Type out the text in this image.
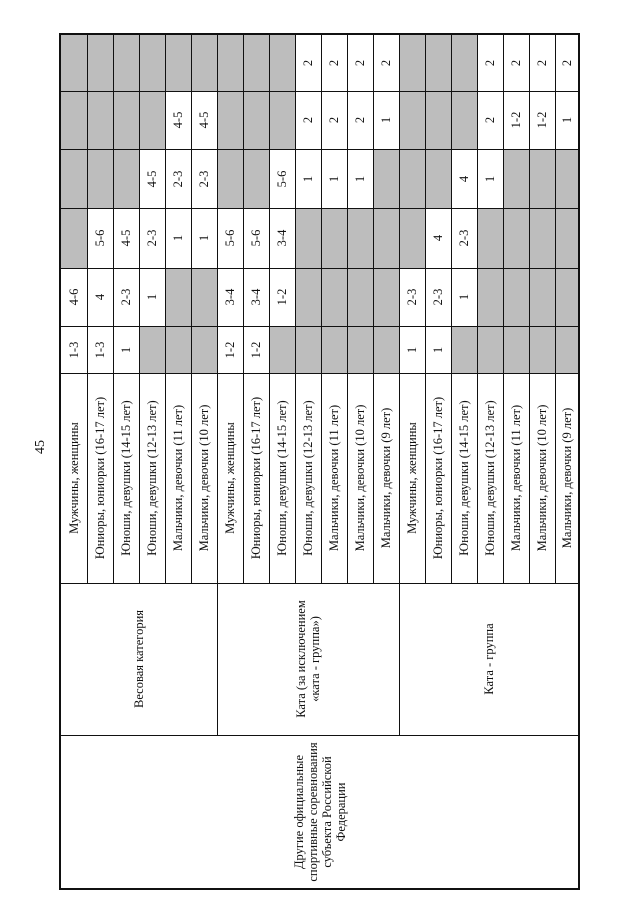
45
1-3
4-6
Мужчины, женщины
1-3
4
5-6
Юниоры, юниорки (16-17 лет)
1
2-3
4-5
Юноши, девушки (14-15 лет)
1
2-3
4-5
Юноши, девушки (12-13 лет)
1
2-3
4-5
Мальчики, девочки (11 лет)
1
2-3
4-5
Мальчики, девочки (10 лет)
1-2
3-4
5-6
Мужчины, женщины
1-2
3-4
5-6
Юниоры, юниорки (16-17 лет)
1-2
3-4
5-6
Юноши, девушки (14-15 лет)
1
2
2
Юноши, девушки (12-13 лет)
1
2
2
Мальчики, девочки (11 лет)
1
2
2
Мальчики, девочки (10 лет)
1
2
Мальчики, девочки (9 лет)
1
2-3
Мужчины, женщины
1
2-3
4
Юниоры, юниорки (16-17 лет)
1
2-3
4
Юноши, девушки (14-15 лет)
1
2
2
Юноши, девушки (12-13 лет)
1-2
2
Мальчики, девочки (11 лет)
1-2
2
Мальчики, девочки (10 лет)
1
2
Мальчики, девочки (9 лет)
Весовая категория	Ката (за исключением «ката - группа»)	Ката - группа
Другие официальные спортивные соревнования субъекта Российской Федерации
